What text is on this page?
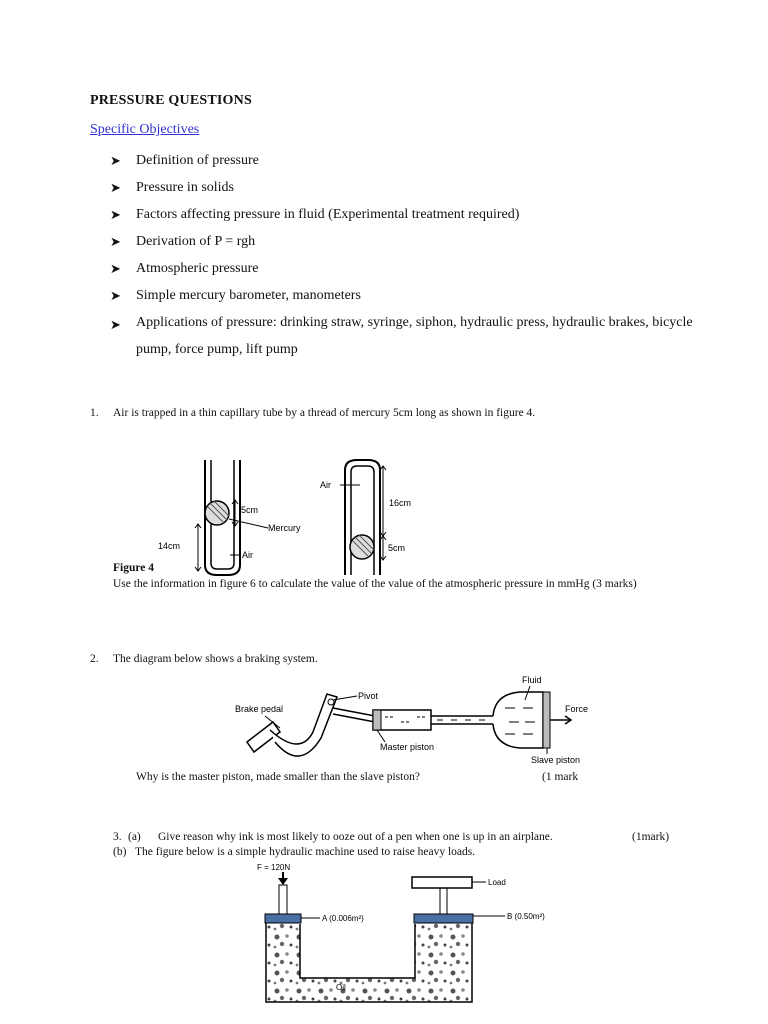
PRESSURE QUESTIONS
Specific Objectives
➤ Definition of pressure
➤ Pressure in solids
➤ Factors affecting pressure in fluid (Experimental treatment required)
➤ Derivation of P = rgh
➤ Atmospheric pressure
➤ Simple mercury barometer, manometers
➤ Applications of pressure: drinking straw, syringe, siphon, hydraulic press, hydraulic brakes, bicycle pump, force pump, lift pump
1. Air is trapped in a thin capillary tube by a thread of mercury 5cm long as shown in figure 4.
5cm
Mercury
14cm
Air
Air
16cm
5cm
Figure 4
Use the information in figure 6 to calculate the value of the value of the atmospheric pressure in mmHg (3 marks)
2. The diagram below shows a braking system.
Brake pedal
Pivot
Master piston
Fluid
Force
Slave piston
Why is the master piston, made smaller than the slave piston?	(1 mark
3. (a) Give reason why ink is most likely to ooze out of a pen when one is up in an airplane.	(1mark)
(b) The figure below is a simple hydraulic machine used to raise heavy loads.
F = 120N
Load
A (0.006m²)	B (0.50m²)
Oil
